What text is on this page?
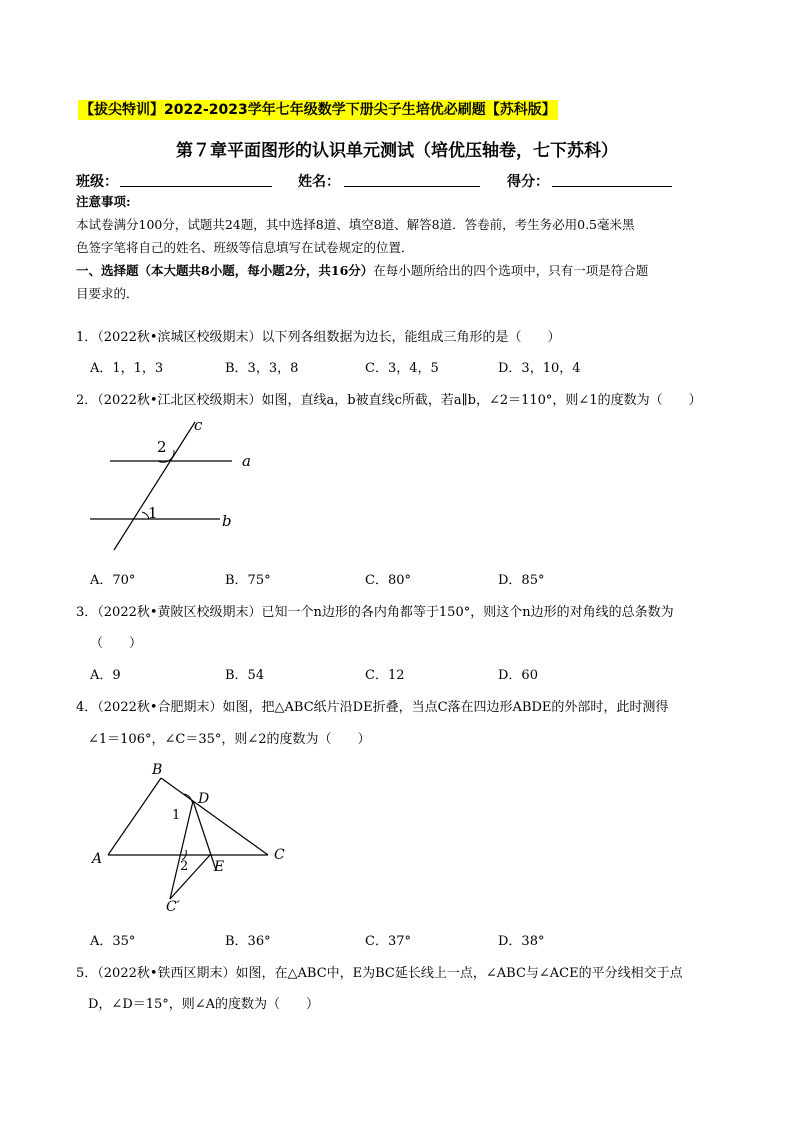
【拔尖特训】2022-2023学年七年级数学下册尖子生培优必刷题【苏科版】
第７章平面图形的认识单元测试（培优压轴卷，七下苏科）
班级：	姓名：	得分：
注意事项:
本试卷满分100分，试题共24题，其中选择8道、填空8道、解答8道．答卷前，考生务必用0.5毫米黑
色签字笔将自己的姓名、班级等信息填写在试卷规定的位置．
一、选择题（本大题共8小题，每小题2分，共16分）在每小题所给出的四个选项中，只有一项是符合题
目要求的．
1．（2022秋•滨城区校级期末）以下列各组数据为边长，能组成三角形的是（　　）
A．1，1，3	B．3，3，8	C．3，4，5	D．3，10，4
2．（2022秋•江北区校级期末）如图，直线a，b被直线c所截，若a∥b，∠2＝110°，则∠1的度数为（　　）
c
2
a
1	b
A．70°	B．75°	C．80°	D．85°
3．（2022秋•黄陂区校级期末）已知一个n边形的各内角都等于150°，则这个n边形的对角线的总条数为
（　　）
A．9	B．54	C．12	D．60
4．（2022秋•合肥期末）如图，把△ABC纸片沿DE折叠，当点C落在四边形ABDE的外部时，此时测得
∠1＝106°，∠C＝35°，则∠2的度数为（　　）
B
D
1
A	2 E
C
C′
A．35°	B．36°	C．37°	D．38°
5．（2022秋•铁西区期末）如图，在△ABC中，E为BC延长线上一点，∠ABC与∠ACE的平分线相交于点
D，∠D＝15°，则∠A的度数为（　　）
